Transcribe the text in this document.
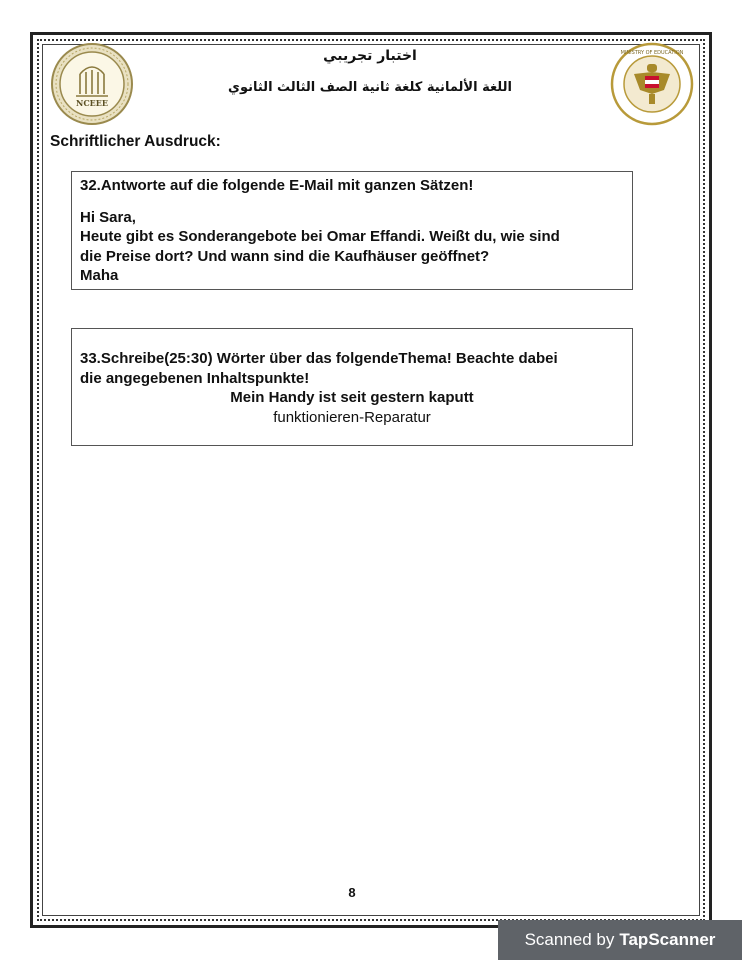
NCEEE
MINISTRY OF EDUCATION
اختبار تجريبي
اللغة الألمانية كلغة ثانية الصف الثالث الثانوي
Schriftlicher Ausdruck:
32.Antworte auf die folgende E-Mail mit ganzen Sätzen!
Hi Sara,
Heute gibt es Sonderangebote bei Omar Effandi. Weißt du, wie sind
die Preise dort? Und wann sind die Kaufhäuser geöffnet?
Maha
33.Schreibe(25:30) Wörter über das folgendeThema! Beachte dabei
die angegebenen Inhaltspunkte!
Mein Handy ist seit gestern kaputt
funktionieren-Reparatur
8
Scanned by TapScanner
